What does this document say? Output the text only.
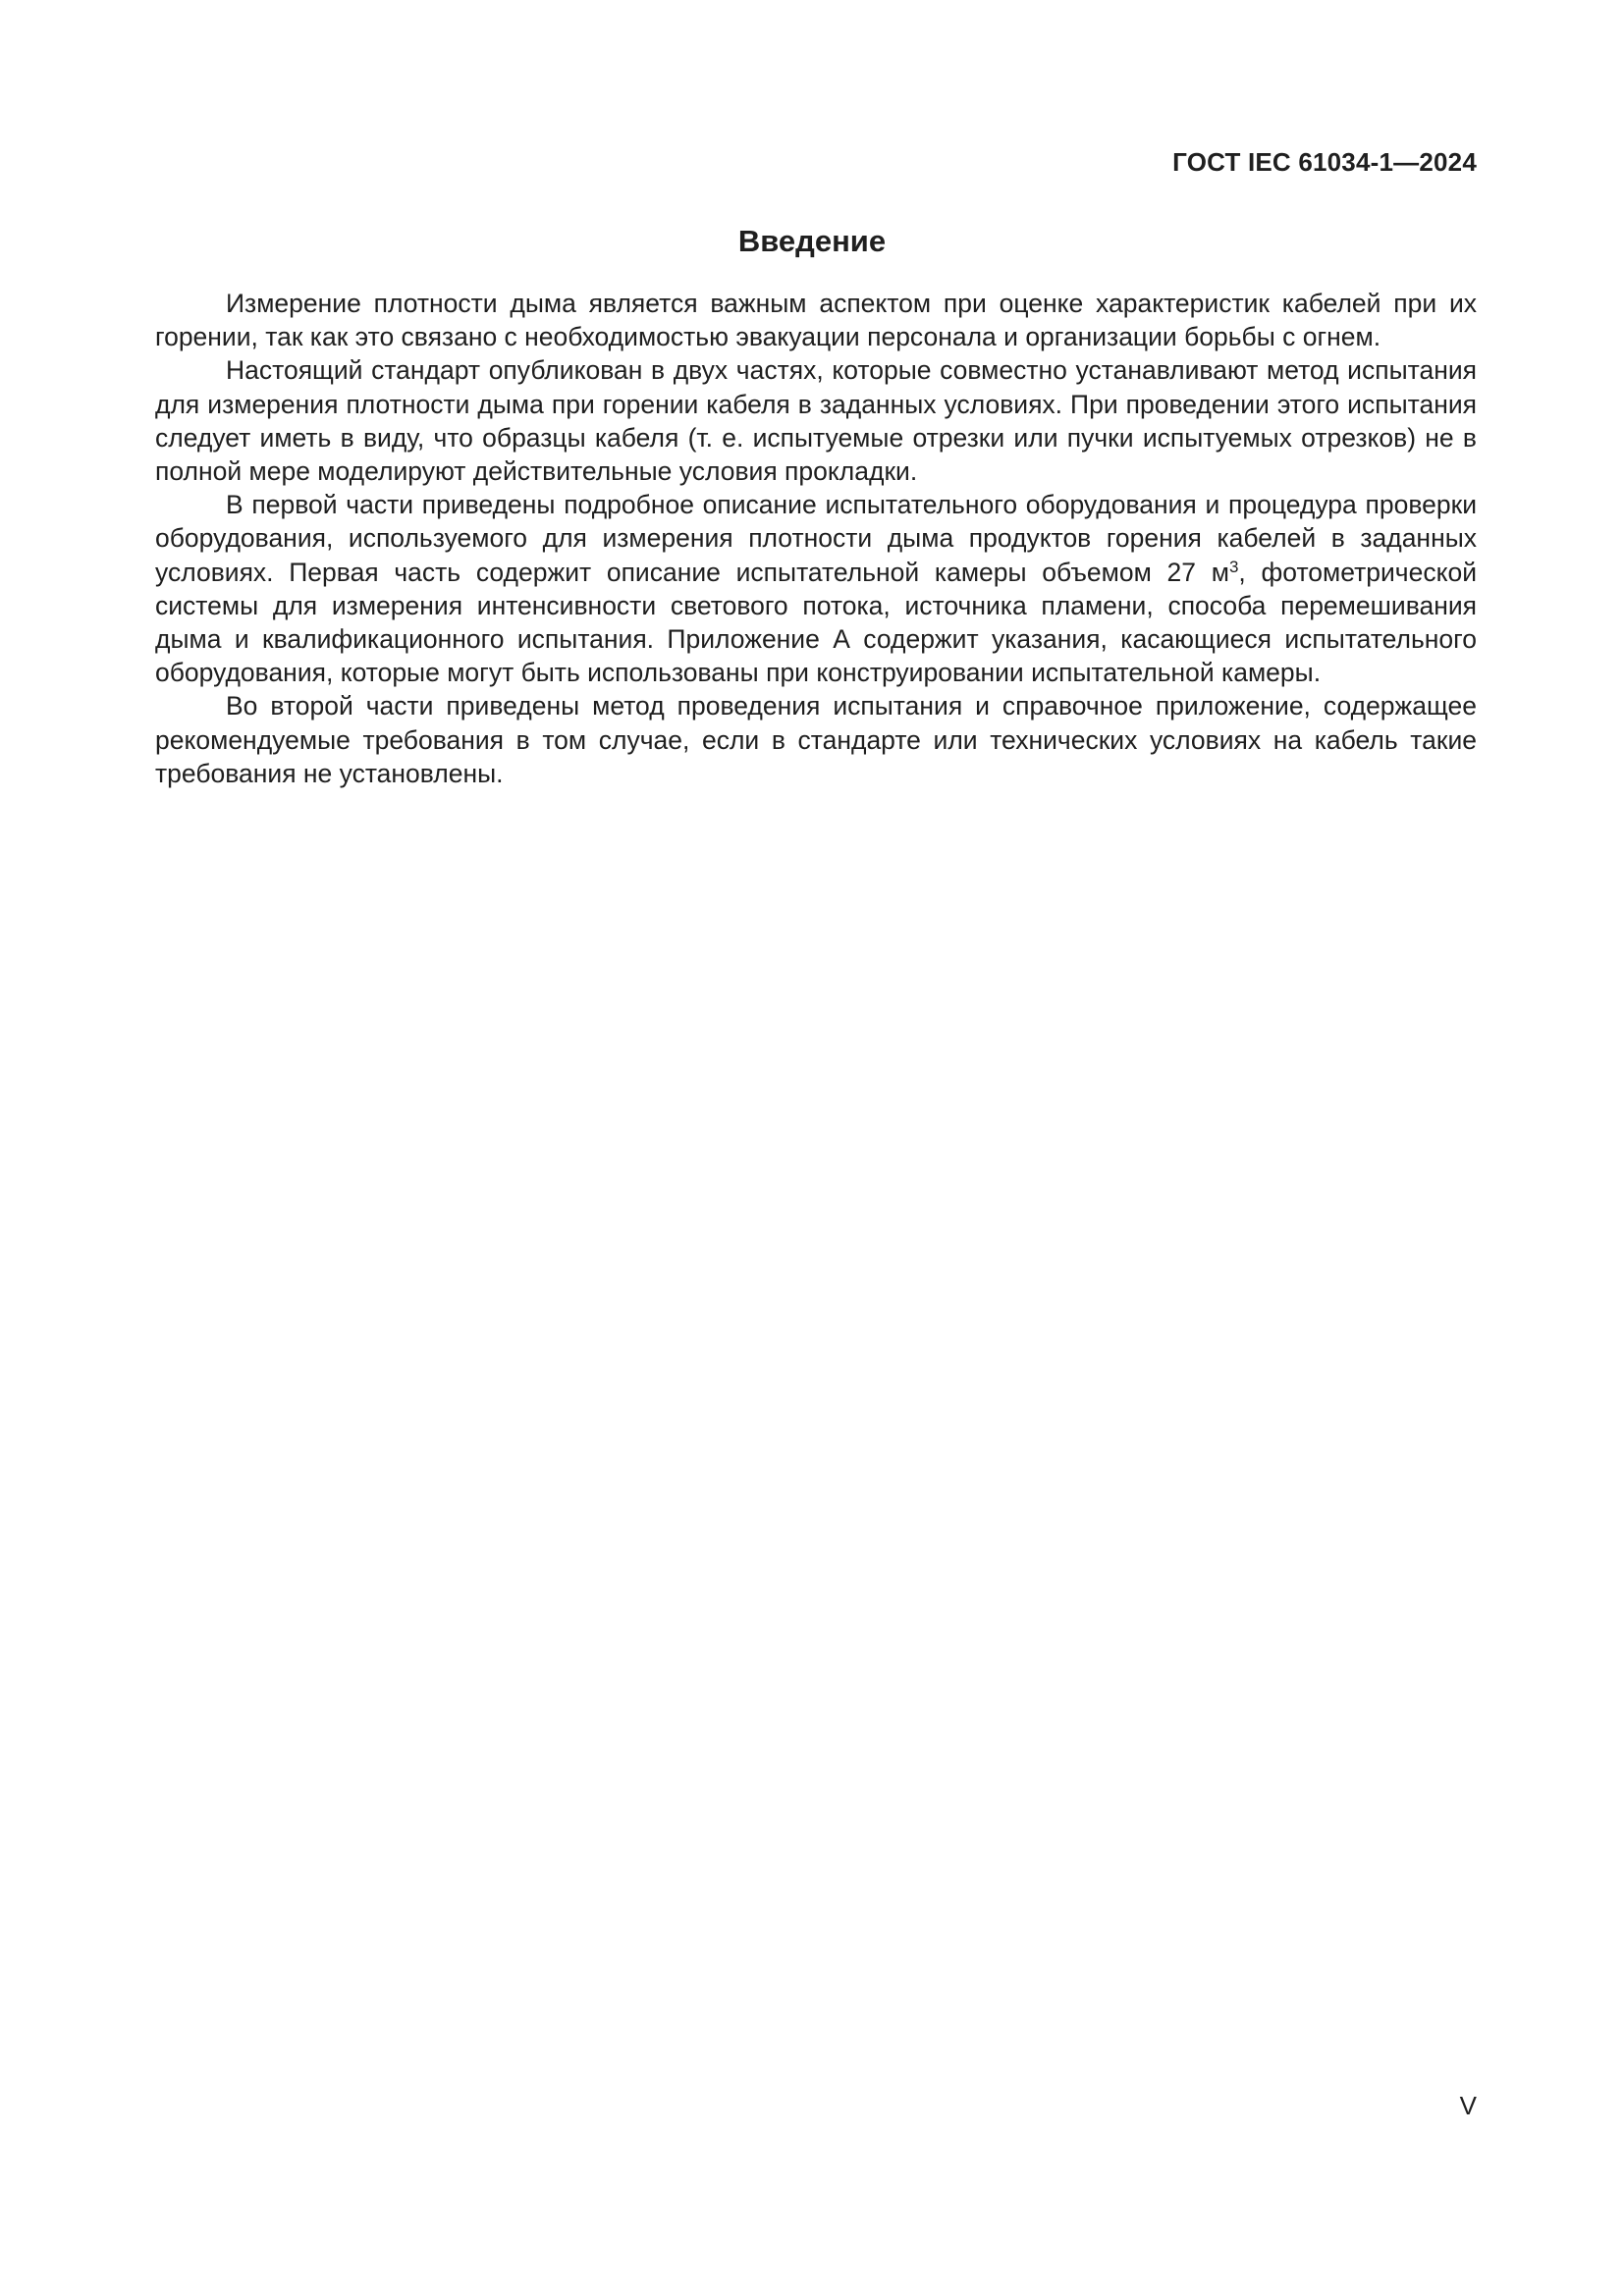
ГОСТ IEC 61034-1—2024
Введение

Измерение плотности дыма является важным аспектом при оценке характеристик кабелей при их горении, так как это связано с необходимостью эвакуации персонала и организации борьбы с огнем.

Настоящий стандарт опубликован в двух частях, которые совместно устанавливают метод испытания для измерения плотности дыма при горении кабеля в заданных условиях. При проведении этого испытания следует иметь в виду, что образцы кабеля (т. е. испытуемые отрезки или пучки испытуемых отрезков) не в полной мере моделируют действительные условия прокладки.

В первой части приведены подробное описание испытательного оборудования и процедура проверки оборудования, используемого для измерения плотности дыма продуктов горения кабелей в заданных условиях. Первая часть содержит описание испытательной камеры объемом 27 $м^3$, фотометрической системы для измерения интенсивности светового потока, источника пламени, способа перемешивания дыма и квалификационного испытания. Приложение А содержит указания, касающиеся испытательного оборудования, которые могут быть использованы при конструировании испытательной камеры.

Во второй части приведены метод проведения испытания и справочное приложение, содержащее рекомендуемые требования в том случае, если в стандарте или технических условиях на кабель такие требования не установлены.

V
